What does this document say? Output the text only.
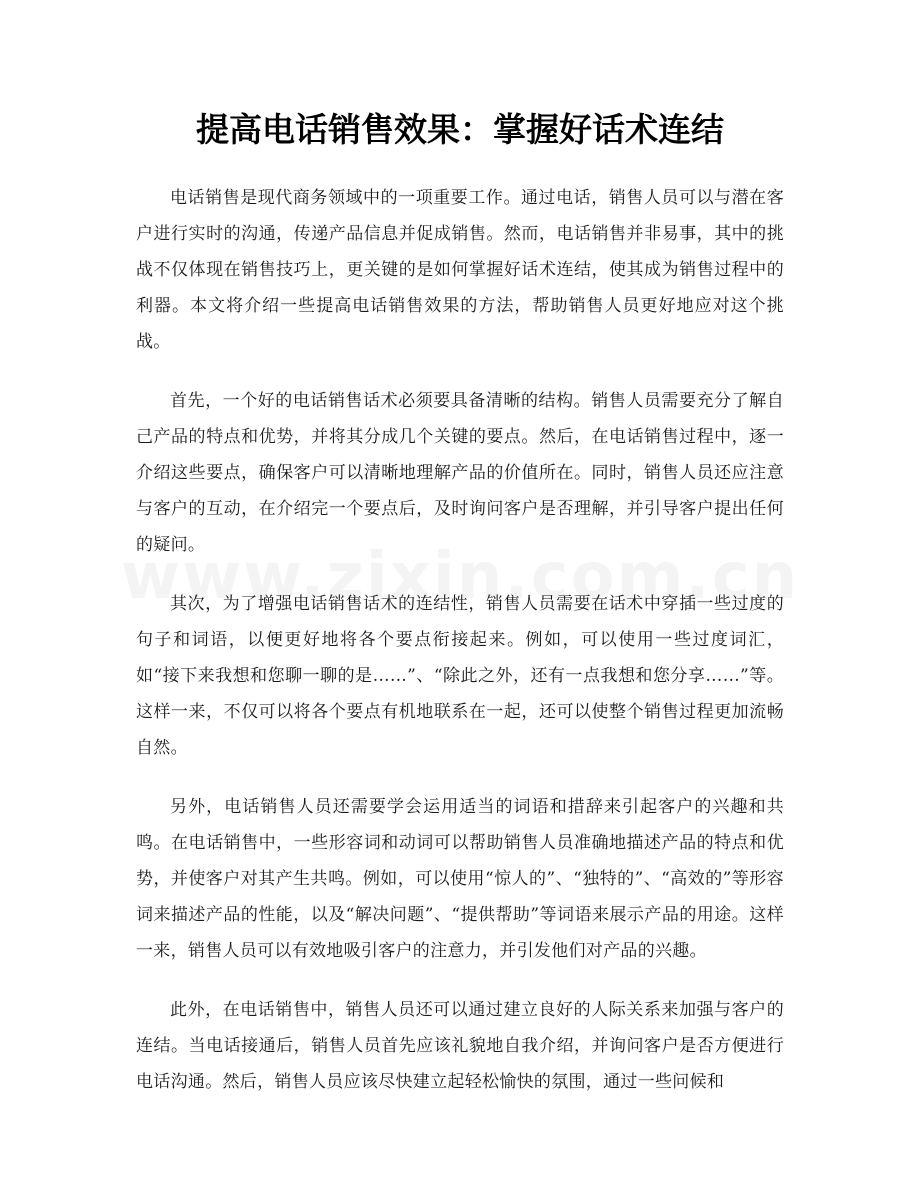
提高电话销售效果：掌握好话术连结

电话销售是现代商务领域中的一项重要工作。通过电话，销售人员可以与潜在客户进行实时的沟通，传递产品信息并促成销售。然而，电话销售并非易事，其中的挑战不仅体现在销售技巧上，更关键的是如何掌握好话术连结，使其成为销售过程中的利器。本文将介绍一些提高电话销售效果的方法，帮助销售人员更好地应对这个挑战。

首先，一个好的电话销售话术必须要具备清晰的结构。销售人员需要充分了解自己产品的特点和优势，并将其分成几个关键的要点。然后，在电话销售过程中，逐一介绍这些要点，确保客户可以清晰地理解产品的价值所在。同时，销售人员还应注意与客户的互动，在介绍完一个要点后，及时询问客户是否理解，并引导客户提出任何的疑问。

其次，为了增强电话销售话术的连结性，销售人员需要在话术中穿插一些过度的句子和词语，以便更好地将各个要点衔接起来。例如，可以使用一些过度词汇，如“接下来我想和您聊一聊的是……”、“除此之外，还有一点我想和您分享……”等。这样一来，不仅可以将各个要点有机地联系在一起，还可以使整个销售过程更加流畅自然。

另外，电话销售人员还需要学会运用适当的词语和措辞来引起客户的兴趣和共鸣。在电话销售中，一些形容词和动词可以帮助销售人员准确地描述产品的特点和优势，并使客户对其产生共鸣。例如，可以使用“惊人的”、“独特的”、“高效的”等形容词来描述产品的性能，以及“解决问题”、“提供帮助”等词语来展示产品的用途。这样一来，销售人员可以有效地吸引客户的注意力，并引发他们对产品的兴趣。

此外，在电话销售中，销售人员还可以通过建立良好的人际关系来加强与客户的连结。当电话接通后，销售人员首先应该礼貌地自我介绍，并询问客户是否方便进行电话沟通。然后，销售人员应该尽快建立起轻松愉快的氛围，通过一些问候和
